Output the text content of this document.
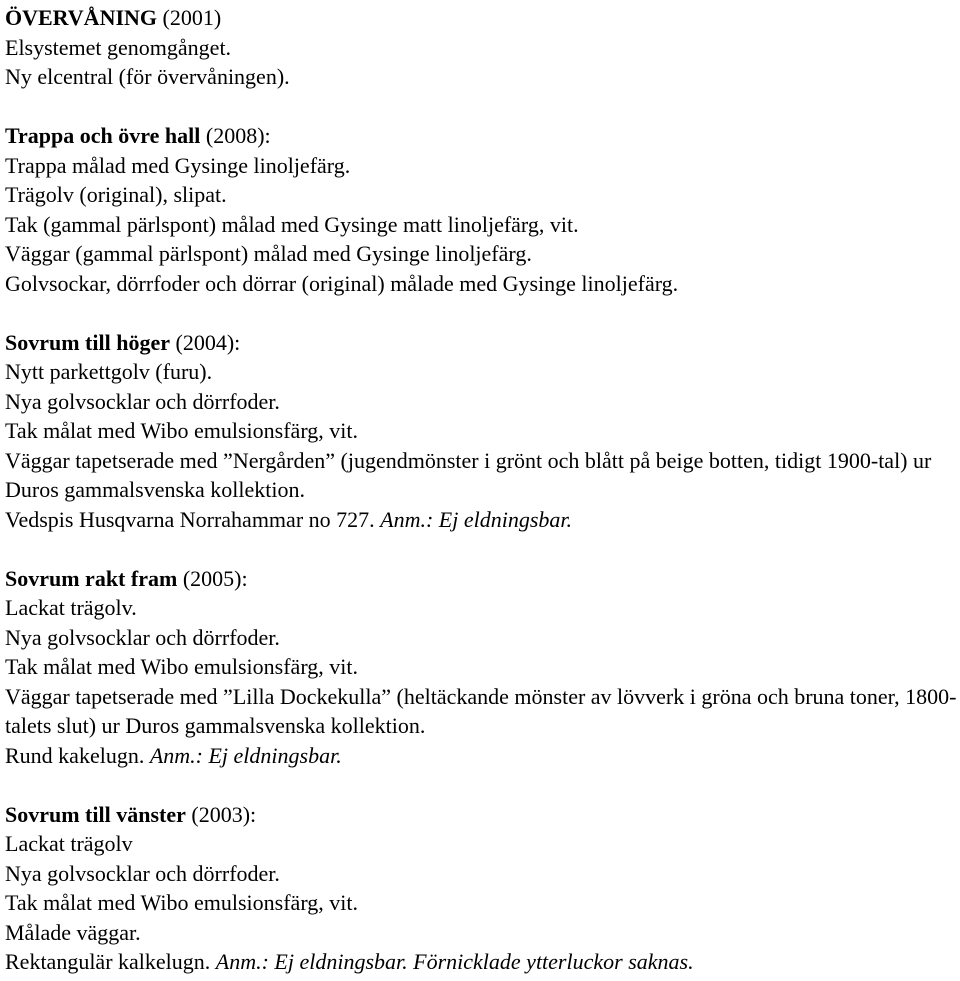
ÖVERVÅNING (2001)
Elsystemet genomgånget.
Ny elcentral (för övervåningen).
Trappa och övre hall (2008):
Trappa målad med Gysinge linoljefärg.
Trägolv (original), slipat.
Tak (gammal pärlspont) målad med Gysinge matt linoljefärg, vit.
Väggar (gammal pärlspont) målad med Gysinge linoljefärg.
Golvsockar, dörrfoder och dörrar (original) målade med Gysinge linoljefärg.
Sovrum till höger (2004):
Nytt parkettgolv (furu).
Nya golvsocklar och dörrfoder.
Tak målat med Wibo emulsionsfärg, vit.
Väggar tapetserade med ”Nergården” (jugendmönster i grönt och blått på beige botten, tidigt 1900-tal) ur Duros gammalsvenska kollektion.
Vedspis Husqvarna Norrahammar no 727. Anm.: Ej eldningsbar.
Sovrum rakt fram (2005):
Lackat trägolv.
Nya golvsocklar och dörrfoder.
Tak målat med Wibo emulsionsfärg, vit.
Väggar tapetserade med ”Lilla Dockekulla” (heltäckande mönster av lövverk i gröna och bruna toner, 1800-talets slut) ur Duros gammalsvenska kollektion.
Rund kakelugn. Anm.: Ej eldningsbar.
Sovrum till vänster (2003):
Lackat trägolv
Nya golvsocklar och dörrfoder.
Tak målat med Wibo emulsionsfärg, vit.
Målade väggar.
Rektangulär kalkelugn. Anm.: Ej eldningsbar. Förnicklade ytterluckor saknas.
